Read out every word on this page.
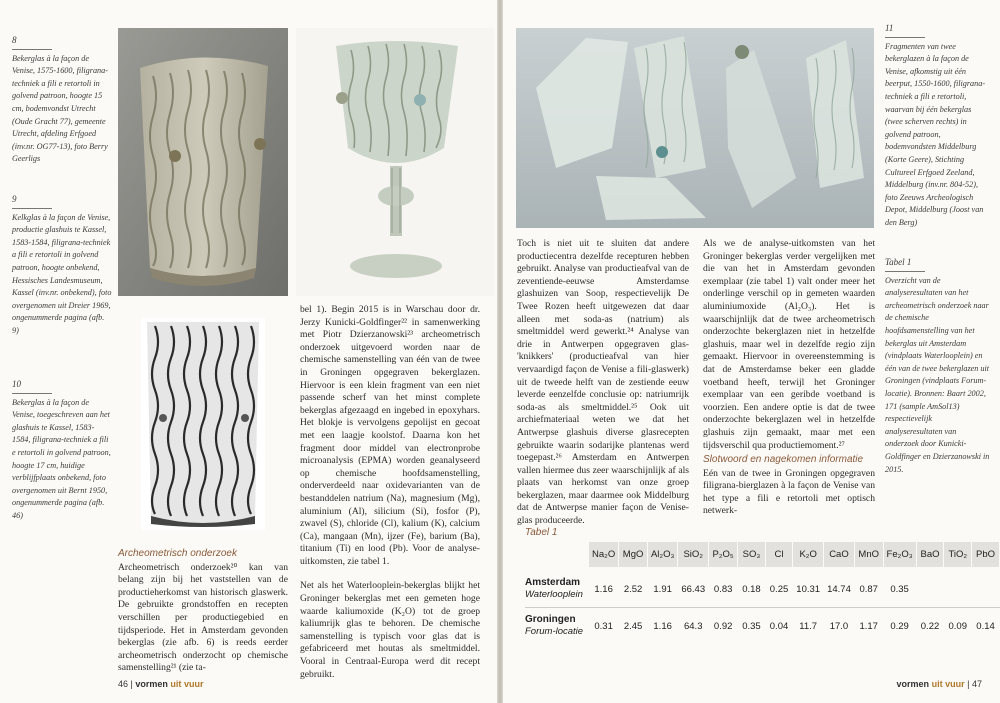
8
Bekerglas à la façon de Venise, 1575-1600, filigrana-techniek a fili e retortoli in golvend patroon, hoogte 15 cm, bodemvondst Utrecht (Oude Gracht 77), gemeente Utrecht, afdeling Erfgoed (inv.nr. OG77-13), foto Berry Geerligs
9
Kelkglas à la façon de Venise, productie glashuis te Kassel, 1583-1584, filigrana-techniek a fili e retortoli in golvend patroon, hoogte onbekend, Hessisches Landesmuseum, Kassel (inv.nr. onbekend), foto overgenomen uit Dreier 1969, ongenummerde pagina (afb. 9)
10
Bekerglas à la façon de Venise, toegeschreven aan het glashuis te Kassel, 1583-1584, filigrana-techniek a fili e retortoli in golvend patroon, hoogte 17 cm, huidige verblijfplaats onbekend, foto overgenomen uit Bernt 1950, ongenummerde pagina (afb. 46)
Archeometrisch onderzoek

Archeometrisch onderzoek²⁰ kan van belang zijn bij het vaststellen van de productieherkomst van historisch glaswerk. De gebruikte grondstoffen en recepten verschillen per productiegebied en tijdsperiode. Het in Amsterdam gevonden bekerglas (zie afb. 6) is reeds eerder archeometrisch onderzocht op chemische samenstelling²¹ (zie ta-

bel 1). Begin 2015 is in Warschau door dr. Jerzy Kunicki-Goldfinger²² in samenwerking met Piotr Dzierzanowski²³ archeometrisch onderzoek uitgevoerd worden naar de chemische samenstelling van één van de twee in Groningen opgegraven bekerglazen. Hiervoor is een klein fragment van een niet passende scherf van het minst complete bekerglas afgezaagd en ingebed in epoxyhars. Het blokje is vervolgens gepolijst en gecoat met een laagje koolstof. Daarna kon het fragment door middel van electronprobe microanalysis (EPMA) worden geanalyseerd op chemische hoofdsamenstelling, onderverdeeld naar oxidevarianten van de bestanddelen natrium (Na), magnesium (Mg), aluminium (Al), silicium (Si), fosfor (P), zwavel (S), chloride (Cl), kalium (K), calcium (Ca), mangaan (Mn), ijzer (Fe), barium (Ba), titanium (Ti) en lood (Pb). Voor de analyse-uitkomsten, zie tabel 1.

Net als het Waterlooplein-bekerglas blijkt het Groninger bekerglas met een gemeten hoge waarde kaliumoxide (K₂O) tot de groep kaliumrijk glas te behoren. De chemische samenstelling is typisch voor glas dat is gefabriceerd met houtas als smeltmiddel. Vooral in Centraal-Europa werd dit recept gebruikt.

46 | vormen uit vuur
11
Fragmenten van twee bekerglazen à la façon de Venise, afkomstig uit één beerput, 1550-1600, filigrana-techniek a fili e retortoli, waarvan bij één bekerglas (twee scherven rechts) in golvend patroon, bodemvondsten Middelburg (Korte Geere), Stichting Cultureel Erfgoed Zeeland, Middelburg (inv.nr. 804-52), foto Zeeuws Archeologisch Depot, Middelburg (Joost van den Berg)
Tabel 1
Overzicht van de analyseresultaten van het archeometrisch onderzoek naar de chemische hoofdsamenstelling van het bekerglas uit Amsterdam (vindplaats Waterlooplein) en één van de twee bekerglazen uit Groningen (vindplaats Forum-locatie). Bronnen: Baart 2002, 171 (sample AmSol13) respectievelijk analyseresultaten van onderzoek door Kunicki-Goldfinger en Dzierzanowski in 2015.

Toch is niet uit te sluiten dat andere productiecentra dezelfde recepturen hebben gebruikt. Analyse van productieafval van de zeventiende-eeuwse Amsterdamse glashuizen van Soop, respectievelijk De Twee Rozen heeft uitgewezen dat daar alleen met soda-as (natrium) als smeltmiddel werd gewerkt.²⁴ Analyse van drie in Antwerpen opgegraven glas-'knikkers' (productieafval van hier vervaardigd façon de Venise a fili-glaswerk) uit de tweede helft van de zestiende eeuw leverde eenzelfde conclusie op: natriumrijk soda-as als smeltmiddel.²⁵ Ook uit archiefmateriaal weten we dat het Antwerpse glashuis diverse glasrecepten gebruikte waarin sodarijke plantenas werd toegepast.²⁶ Amsterdam en Antwerpen vallen hiermee dus zeer waarschijnlijk af als plaats van herkomst van onze groep bekerglazen, maar daarmee ook Middelburg dat de Antwerpse manier façon de Venise-glas produceerde.

Als we de analyse-uitkomsten van het Groninger bekerglas verder vergelijken met die van het in Amsterdam gevonden exemplaar (zie tabel 1) valt onder meer het onderlinge verschil op in gemeten waarden aluminiumoxide (Al₂O₃). Het is waarschijnlijk dat de twee archeometrisch onderzochte bekerglazen niet in hetzelfde glashuis, maar wel in dezelfde regio zijn gemaakt. Hiervoor in overeenstemming is dat de Amsterdamse beker een gladde voetband heeft, terwijl het Groninger exemplaar van een geribde voetband is voorzien. Een andere optie is dat de twee onderzochte bekerglazen wel in hetzelfde glashuis zijn gemaakt, maar met een tijdsverschil qua productiemoment.²⁷

Slotwoord en nagekomen informatie

Eén van de twee in Groningen opgegraven filigrana-bierglazen à la façon de Venise van het type a fili e retortoli met optisch netwerk-

Tabel 1
	Na₂O	MgO	Al₂O₃	SiO₂	P₂O₅	SO₃	Cl	K₂O	CaO	MnO	Fe₂O₃	BaO	TiO₂	PbO

Amsterdam
Waterlooplein	1.16	2.52	1.91	66.43	0.83	0.18	0.25	10.31	14.74	0.87	0.35			

Groningen
Forum-locatie	0.31	2.45	1.16	64.3	0.92	0.35	0.04	11.7	17.0	1.17	0.29	0.22	0.09	0.14
vormen uit vuur | 47
